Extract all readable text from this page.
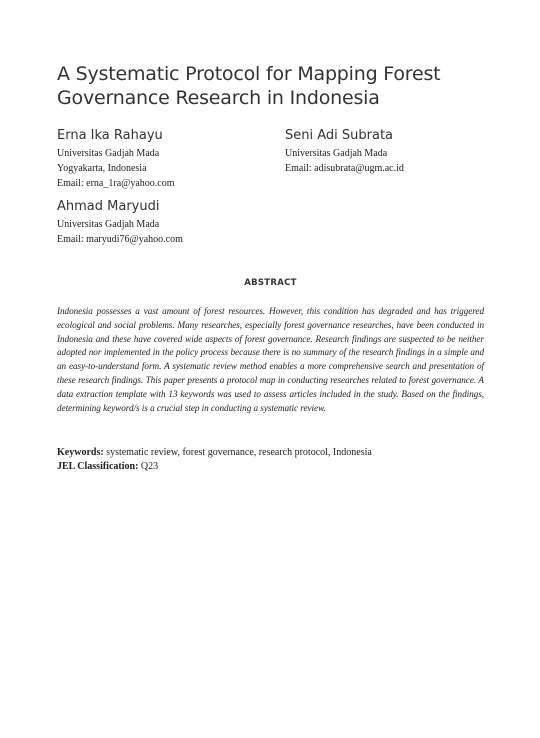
A Systematic Protocol for Mapping Forest
Governance Research in Indonesia
Erna Ika Rahayu
Universitas Gadjah Mada
Yogyakarta, Indonesia
Email: erna_1ra@yahoo.com
Seni Adi Subrata
Universitas Gadjah Mada
Email: adisubrata@ugm.ac.id
Ahmad Maryudi
Universitas Gadjah Mada
Email: maryudi76@yahoo.com
ABSTRACT

Indonesia possesses a vast amount of forest resources. However, this condition has degraded and has triggered ecological and social problems. Many researches, especially forest governance researches, have been conducted in Indonesia and these have covered wide aspects of forest governance. Research findings are suspected to be neither adopted nor implemented in the policy process because there is no summary of the research findings in a simple and an easy-to-understand form. A systematic review method enables a more comprehensive search and presentation of these research findings. This paper presents a protocol map in conducting researches related to forest governance. A data extraction template with 13 keywords was used to assess articles included in the study. Based on the findings, determining keyword/s is a crucial step in conducting a systematic review.

Keywords: systematic review, forest governance, research protocol, Indonesia
JEL Classification: Q23
